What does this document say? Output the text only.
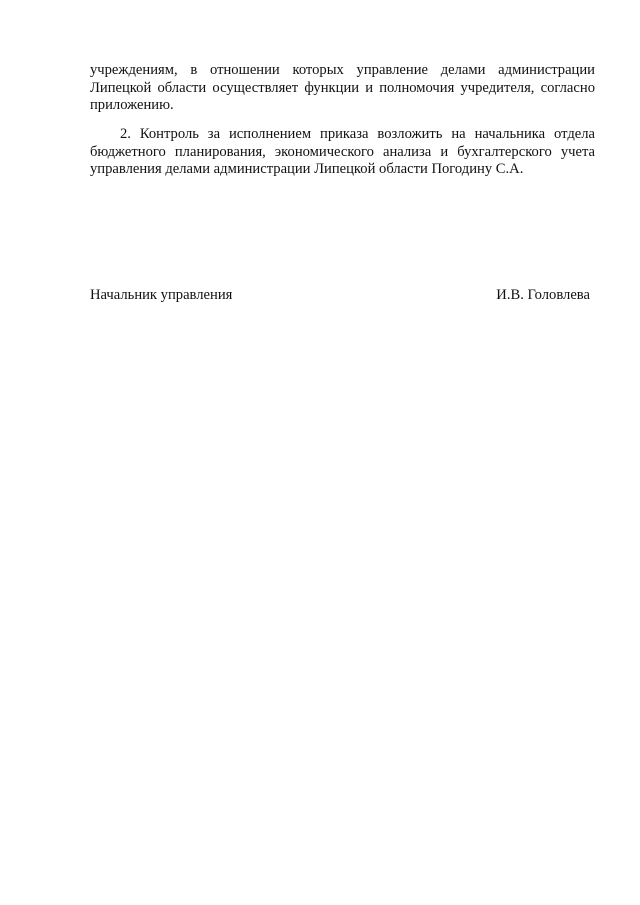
учреждениям, в отношении которых управление делами администрации Липецкой области осуществляет функции и полномочия учредителя, согласно приложению.

2. Контроль за исполнением приказа возложить на начальника отдела бюджетного планирования, экономического анализа и бухгалтерского учета управления делами администрации Липецкой области Погодину С.А.

Начальник управления	И.В. Головлева
